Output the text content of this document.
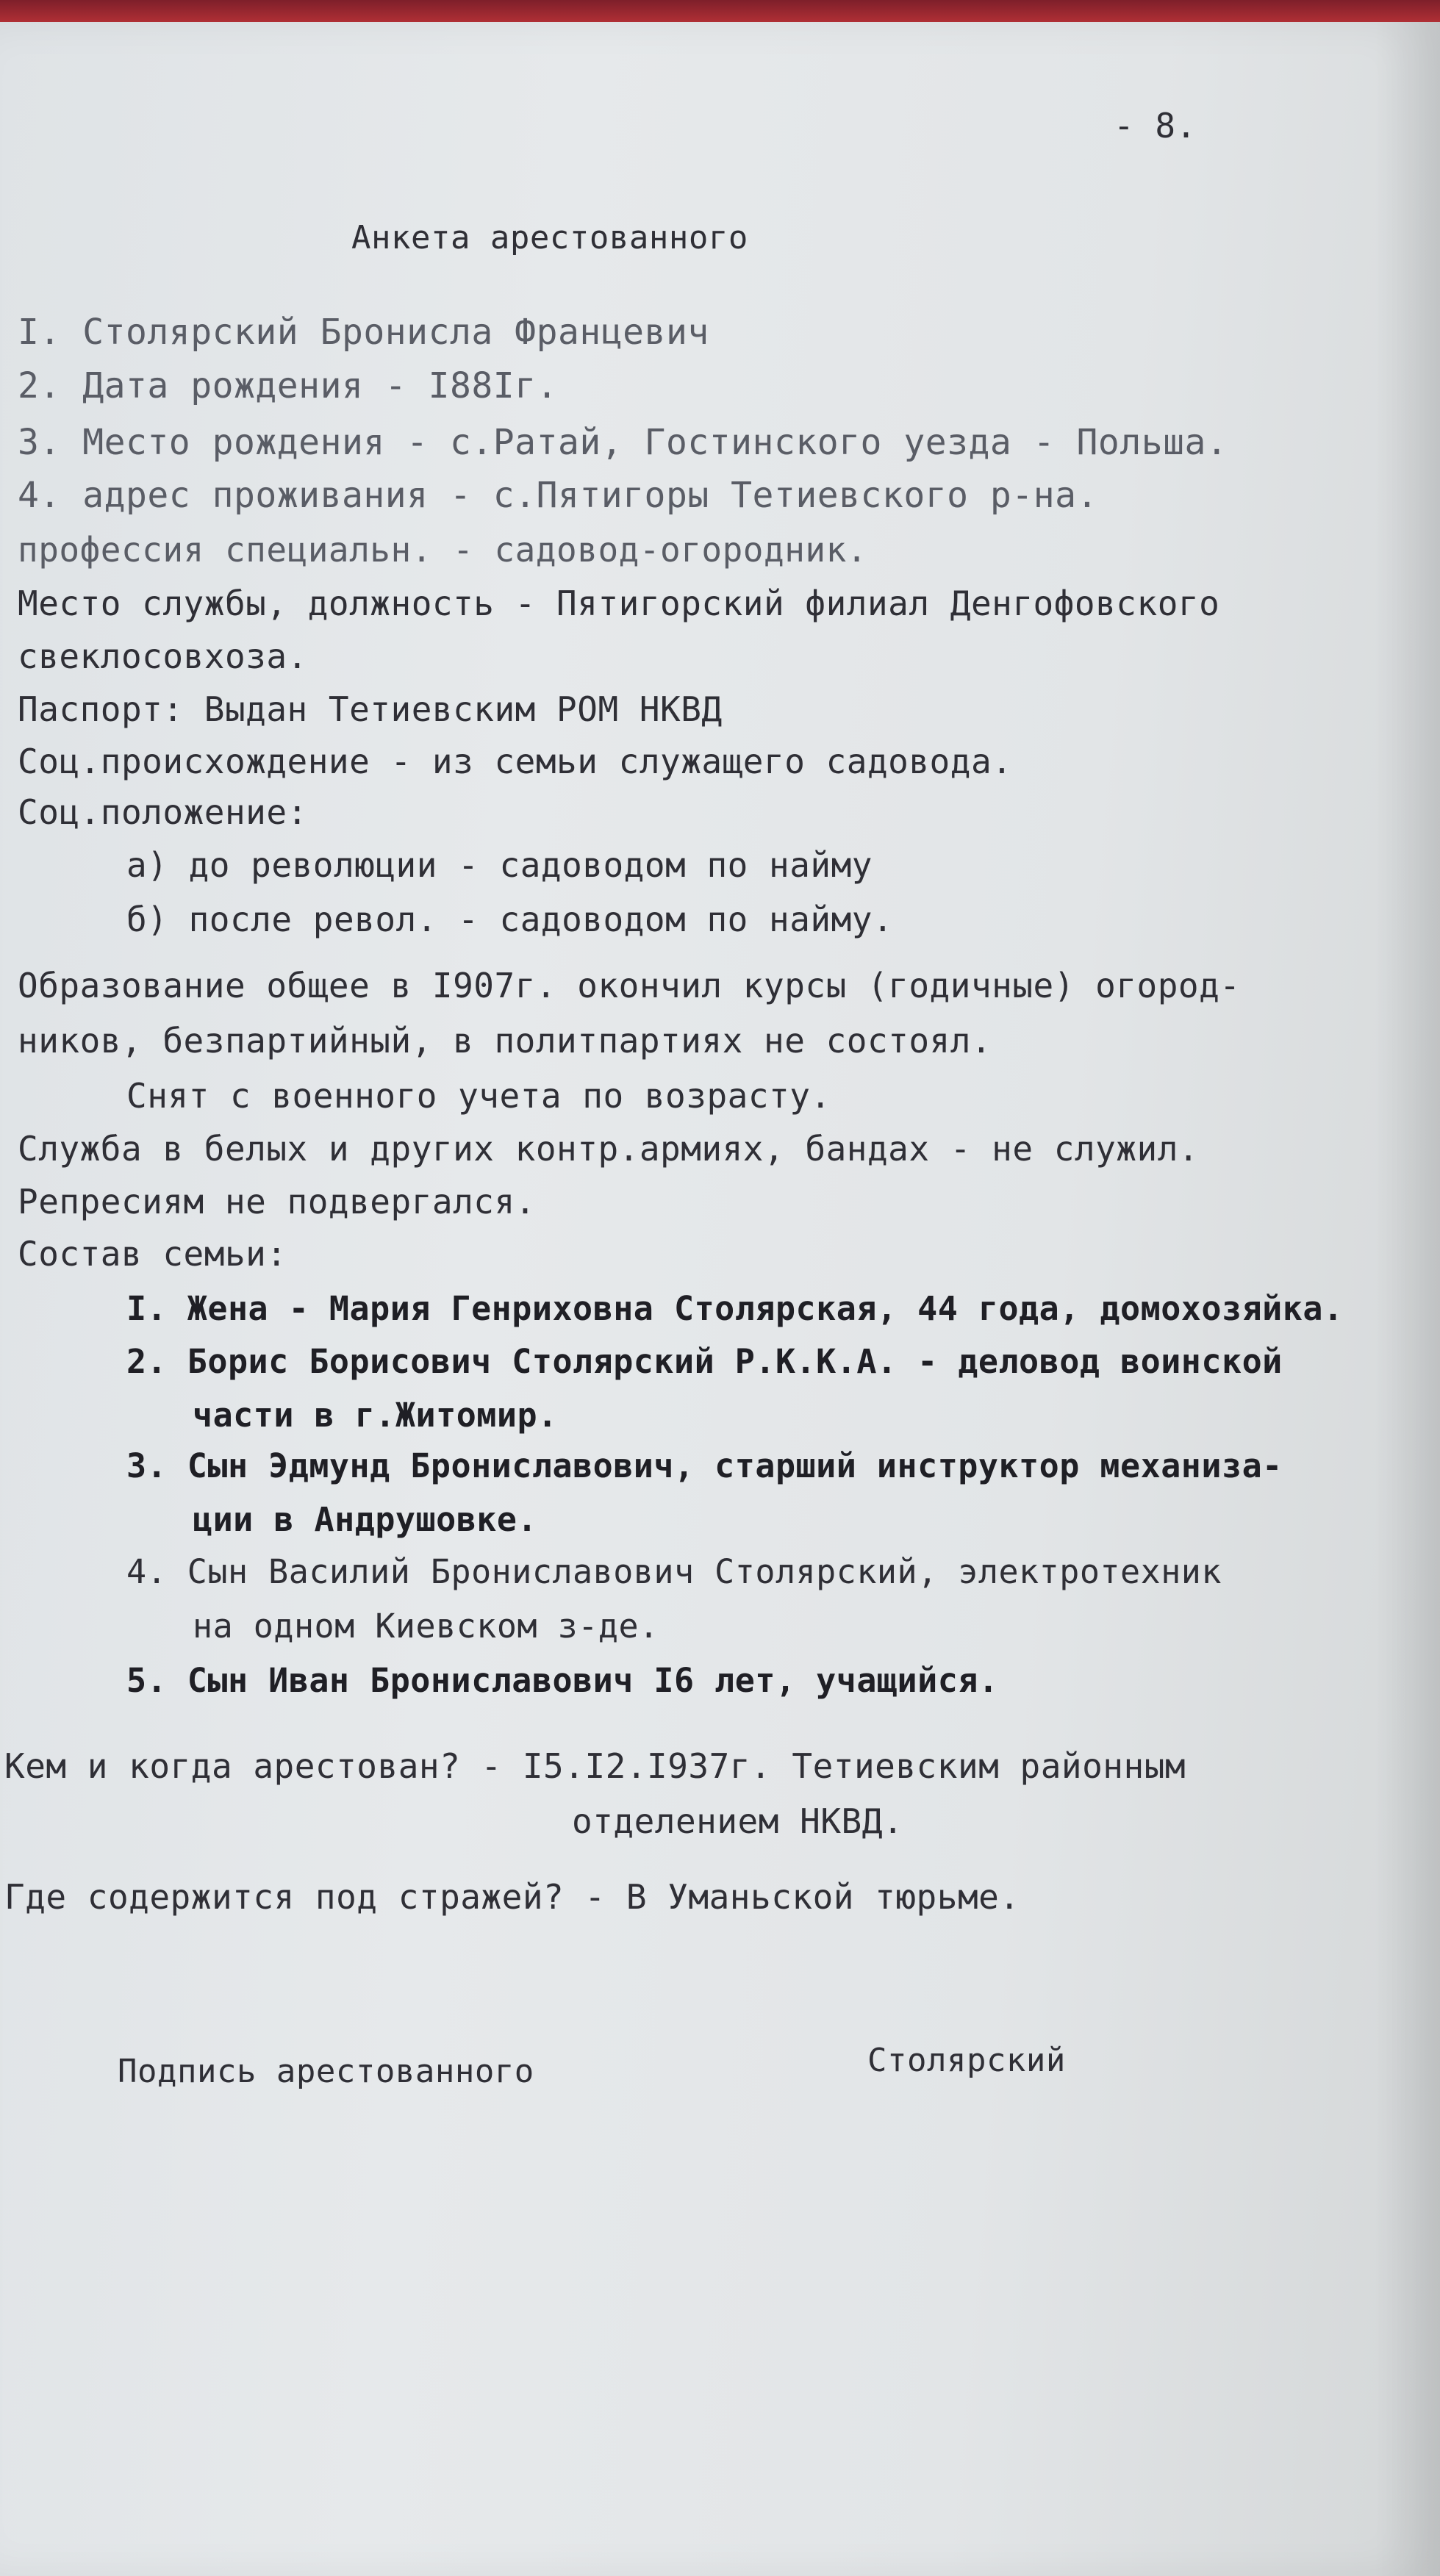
- 8.
Анкета арестованного
I. Столярский Бронисла Францевич
2. Дата рождения - I88Iг.
3. Место рождения - с.Ратай, Гостинского уезда - Польша.
4. адрес проживания - с.Пятигоры Тетиевского р-на.
профессия специальн. - садовод-огородник.
Место службы, должность - Пятигорский филиал Денгофовского
свеклосовхоза.
Паспорт: Выдан Тетиевским РОМ НКВД
Соц.происхождение - из семьи служащего садовода.
Соц.положение:
а) до революции - садоводом по найму
б) после револ. - садоводом по найму.
Образование общее в I907г. окончил курсы (годичные) огород-
ников, безпартийный, в политпартиях не состоял.
Снят с военного учета по возрасту.
Служба в белых и других контр.армиях, бандах - не служил.
Репресиям не подвергался.
Состав семьи:
I. Жена - Мария Генриховна Столярская, 44 года, домохозяйка.
2. Борис Борисович Столярский Р.К.К.А. - деловод воинской
части в г.Житомир.
3. Сын Эдмунд Брониславович, старший инструктор механиза-
ции в Андрушовке.
4. Сын Василий Брониславович Столярский, электротехник
на одном Киевском з-де.
5. Сын Иван Брониславович I6 лет, учащийся.
Кем и когда арестован? - I5.I2.I937г. Тетиевским районным
отделением НКВД.
Где содержится под стражей? - В Уманьской тюрьме.
Подпись арестованного	Столярский
